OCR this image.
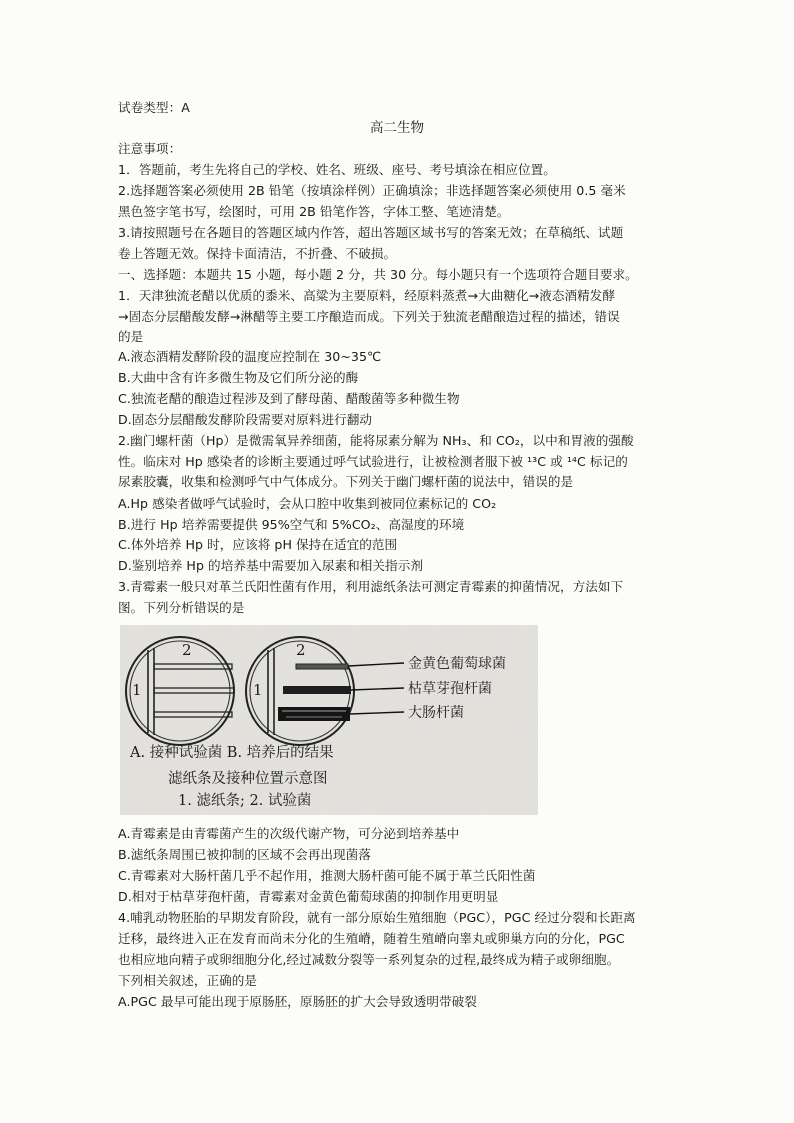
试卷类型：A
高二生物
注意事项：
1．答题前，考生先将自己的学校、姓名、班级、座号、考号填涂在相应位置。
2.选择题答案必须使用 2B 铅笔（按填涂样例）正确填涂；非选择题答案必须使用 0.5 毫米
黑色签字笔书写，绘图时，可用 2B 铅笔作答，字体工整、笔迹清楚。
3.请按照题号在各题目的答题区域内作答，超出答题区域书写的答案无效；在草稿纸、试题
卷上答题无效。保持卡面清洁，不折叠、不破损。
一、选择题：本题共 15 小题，每小题 2 分，共 30 分。每小题只有一个选项符合题目要求。
1．天津独流老醋以优质的黍米、高粱为主要原料，经原料蒸煮→大曲糖化→液态酒精发酵
→固态分层醋酸发酵→淋醋等主要工序酿造而成。下列关于独流老醋酿造过程的描述，错误
的是
A.液态酒精发酵阶段的温度应控制在 30~35℃
B.大曲中含有许多微生物及它们所分泌的酶
C.独流老醋的酿造过程涉及到了酵母菌、醋酸菌等多种微生物
D.固态分层醋酸发酵阶段需要对原料进行翻动
2.幽门螺杆菌（Hp）是微需氧异养细菌，能将尿素分解为 NH₃、和 CO₂，以中和胃液的强酸
性。临床对 Hp 感染者的诊断主要通过呼气试验进行，让被检测者服下被 ¹³C 或 ¹⁴C 标记的
尿素胶囊，收集和检测呼气中气体成分。下列关于幽门螺杆菌的说法中，错误的是
A.Hp 感染者做呼气试验时，会从口腔中收集到被同位素标记的 CO₂
B.进行 Hp 培养需要提供 95%空气和 5%CO₂、高湿度的环境
C.体外培养 Hp 时，应该将 pH 保持在适宜的范围
D.鉴别培养 Hp 的培养基中需要加入尿素和相关指示剂
3.青霉素一般只对革兰氏阳性菌有作用，利用滤纸条法可测定青霉素的抑菌情况，方法如下
图。下列分析错误的是
2
1
2
1
金黄色葡萄球菌
枯草芽孢杆菌
大肠杆菌
A. 接种试验菌 B. 培养后的结果
滤纸条及接种位置示意图
1. 滤纸条; 2. 试验菌
A.青霉素是由青霉菌产生的次级代谢产物，可分泌到培养基中
B.滤纸条周围已被抑制的区域不会再出现菌落
C.青霉素对大肠杆菌几乎不起作用，推测大肠杆菌可能不属于革兰氏阳性菌
D.相对于枯草芽孢杆菌，青霉素对金黄色葡萄球菌的抑制作用更明显
4.哺乳动物胚胎的早期发育阶段，就有一部分原始生殖细胞（PGC），PGC 经过分裂和长距离
迁移，最终进入正在发育而尚未分化的生殖嵴，随着生殖嵴向睾丸或卵巢方向的分化，PGC
也相应地向精子或卵细胞分化,经过减数分裂等一系列复杂的过程,最终成为精子或卵细胞。
下列相关叙述，正确的是
A.PGC 最早可能出现于原肠胚，原肠胚的扩大会导致透明带破裂
